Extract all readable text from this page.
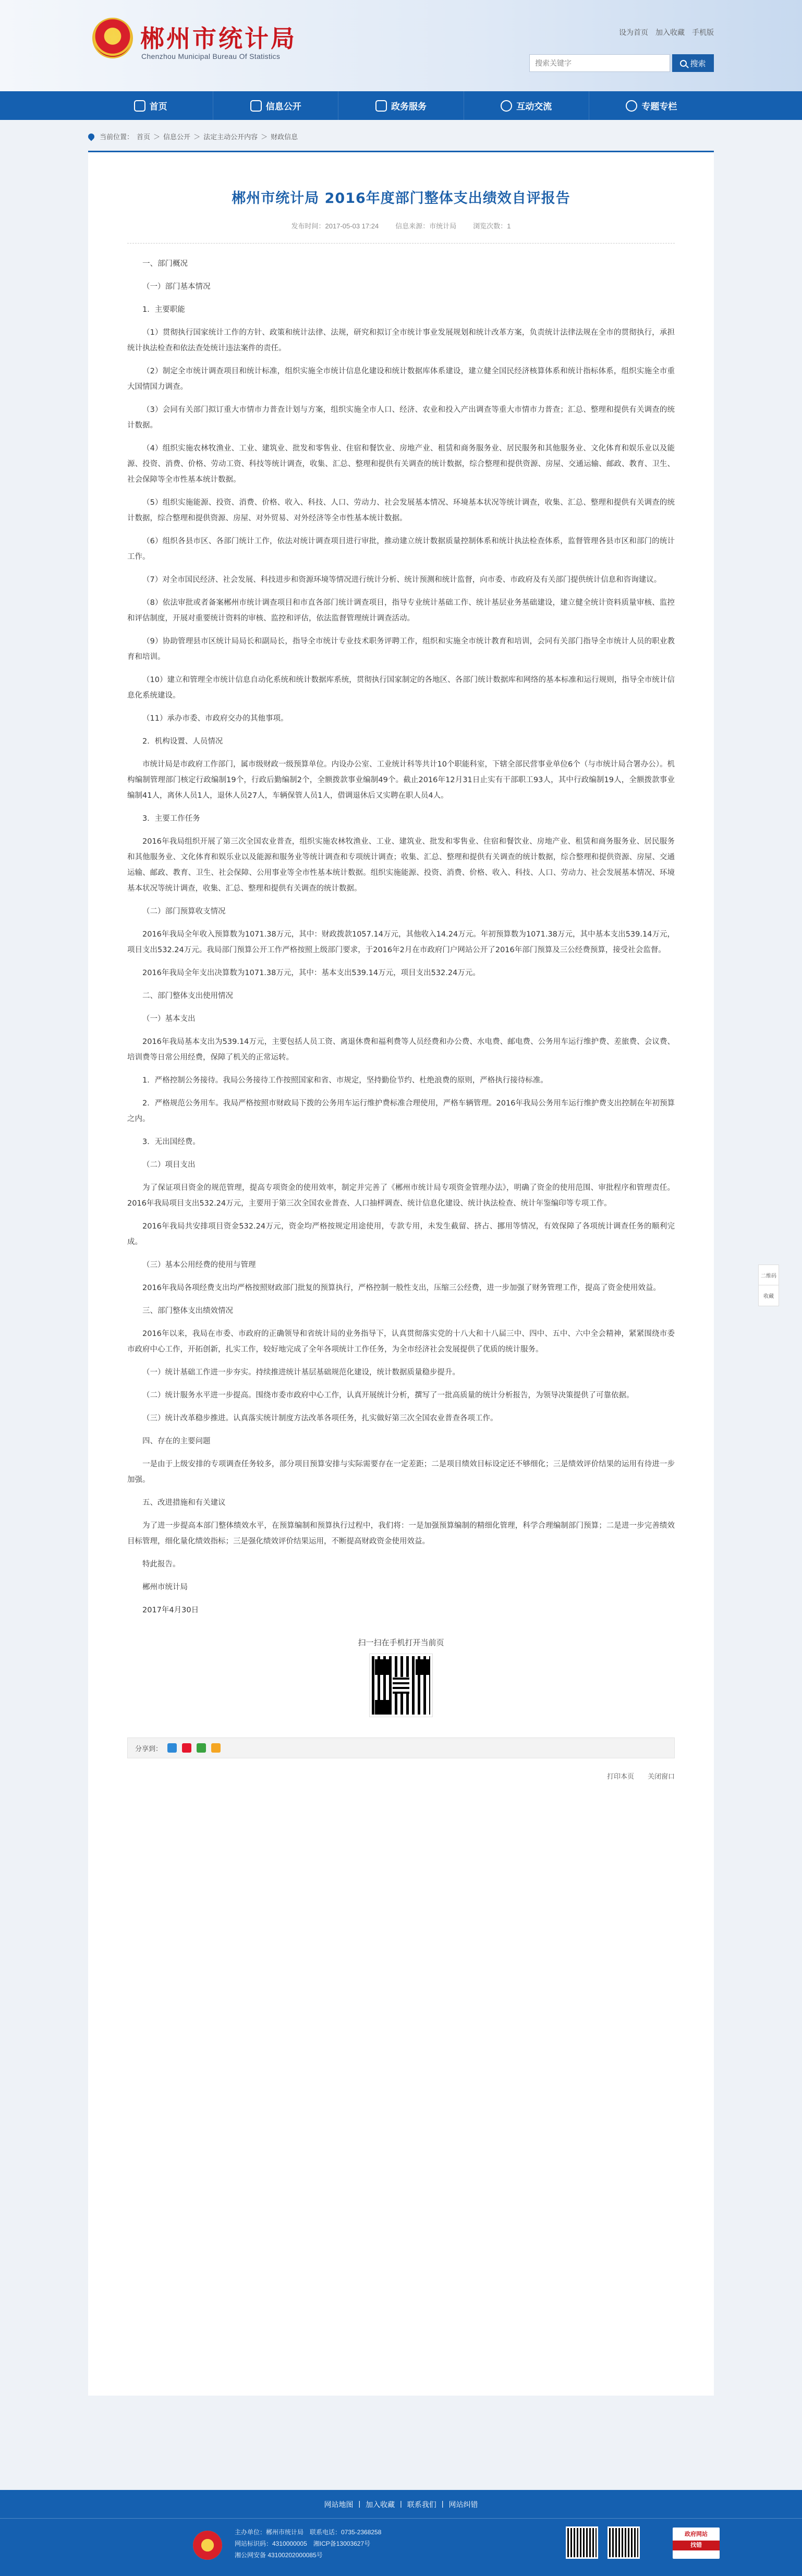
郴州市统计局
Chenzhou Municipal Bureau Of Statistics
设为首页 加入收藏 手机版
搜索关键字
搜索
首页	信息公开	政务服务	互动交流	专题专栏
当前位置： 首页 ＞ 信息公开 ＞ 法定主动公开内容 ＞ 财政信息
郴州市统计局 2016年度部门整体支出绩效自评报告
发布时间：2017-05-03 17:24 信息来源：市统计局 浏览次数：1

一、部门概况

（一）部门基本情况

1．主要职能

（1）贯彻执行国家统计工作的方针、政策和统计法律、法规，研究和拟订全市统计事业发展规划和统计改革方案，负责统计法律法规在全市的贯彻执行，承担统计执法检查和依法查处统计违法案件的责任。

（2）制定全市统计调查项目和统计标准，组织实施全市统计信息化建设和统计数据库体系建设，建立健全国民经济核算体系和统计指标体系，组织实施全市重大国情国力调查。

（3）会同有关部门拟订重大市情市力普查计划与方案，组织实施全市人口、经济、农业和投入产出调查等重大市情市力普查；汇总、整理和提供有关调查的统计数据。

（4）组织实施农林牧渔业、工业、建筑业、批发和零售业、住宿和餐饮业、房地产业、租赁和商务服务业、居民服务和其他服务业、文化体育和娱乐业以及能源、投资、消费、价格、劳动工资、科技等统计调查，收集、汇总、整理和提供有关调查的统计数据，综合整理和提供资源、房屋、交通运输、邮政、教育、卫生、社会保障等全市性基本统计数据。

（5）组织实施能源、投资、消费、价格、收入、科技、人口、劳动力、社会发展基本情况、环境基本状况等统计调查，收集、汇总、整理和提供有关调查的统计数据，综合整理和提供资源、房屋、对外贸易、对外经济等全市性基本统计数据。

（6）组织各县市区、各部门统计工作，依法对统计调查项目进行审批，推动建立统计数据质量控制体系和统计执法检查体系，监督管理各县市区和部门的统计工作。

（7）对全市国民经济、社会发展、科技进步和资源环境等情况进行统计分析、统计预测和统计监督，向市委、市政府及有关部门提供统计信息和咨询建议。

（8）依法审批或者备案郴州市统计调查项目和市直各部门统计调查项目，指导专业统计基础工作、统计基层业务基础建设，建立健全统计资料质量审核、监控和评估制度，开展对重要统计资料的审核、监控和评估，依法监督管理统计调查活动。

（9）协助管理县市区统计局局长和副局长，指导全市统计专业技术职务评聘工作，组织和实施全市统计教育和培训，会同有关部门指导全市统计人员的职业教育和培训。

（10）建立和管理全市统计信息自动化系统和统计数据库系统，贯彻执行国家制定的各地区、各部门统计数据库和网络的基本标准和运行规则，指导全市统计信息化系统建设。

（11）承办市委、市政府交办的其他事项。

2．机构设置、人员情况

市统计局是市政府工作部门，属市级财政一级预算单位。内设办公室、工业统计科等共计10个职能科室，下辖全部民营事业单位6个（与市统计局合署办公）。机构编制管理部门核定行政编制19个，行政后勤编制2个，全额拨款事业编制49个。截止2016年12月31日止实有干部职工93人，其中行政编制19人，全额拨款事业编制41人，离休人员1人，退休人员27人，车辆保管人员1人，借调退休后又实聘在职人员4人。

3．主要工作任务

2016年我局组织开展了第三次全国农业普查，组织实施农林牧渔业、工业、建筑业、批发和零售业、住宿和餐饮业、房地产业、租赁和商务服务业、居民服务和其他服务业、文化体育和娱乐业以及能源和服务业等统计调查和专项统计调查；收集、汇总、整理和提供有关调查的统计数据，综合整理和提供资源、房屋、交通运输、邮政、教育、卫生、社会保障、公用事业等全市性基本统计数据。组织实施能源、投资、消费、价格、收入、科技、人口、劳动力、社会发展基本情况、环境基本状况等统计调查，收集、汇总、整理和提供有关调查的统计数据。

（二）部门预算收支情况

2016年我局全年收入预算数为1071.38万元，其中：财政拨款1057.14万元，其他收入14.24万元。年初预算数为1071.38万元，其中基本支出539.14万元，项目支出532.24万元。我局部门预算公开工作严格按照上级部门要求，于2016年2月在市政府门户网站公开了2016年部门预算及三公经费预算，接受社会监督。

2016年我局全年支出决算数为1071.38万元，其中：基本支出539.14万元，项目支出532.24万元。

二、部门整体支出使用情况

（一）基本支出

2016年我局基本支出为539.14万元，主要包括人员工资、离退休费和福利费等人员经费和办公费、水电费、邮电费、公务用车运行维护费、差旅费、会议费、培训费等日常公用经费，保障了机关的正常运转。

1．严格控制公务接待。我局公务接待工作按照国家和省、市规定，坚持勤俭节约、杜绝浪费的原则，严格执行接待标准。

2．严格规范公务用车。我局严格按照市财政局下拨的公务用车运行维护费标准合理使用，严格车辆管理。2016年我局公务用车运行维护费支出控制在年初预算之内。

3．无出国经费。

（二）项目支出

为了保证项目资金的规范管理，提高专项资金的使用效率，制定并完善了《郴州市统计局专项资金管理办法》，明确了资金的使用范围、审批程序和管理责任。2016年我局项目支出532.24万元，主要用于第三次全国农业普查、人口抽样调查、统计信息化建设、统计执法检查、统计年鉴编印等专项工作。

2016年我局共安排项目资金532.24万元，资金均严格按规定用途使用，专款专用，未发生截留、挤占、挪用等情况，有效保障了各项统计调查任务的顺利完成。

（三）基本公用经费的使用与管理

2016年我局各项经费支出均严格按照财政部门批复的预算执行，严格控制一般性支出，压缩三公经费，进一步加强了财务管理工作，提高了资金使用效益。

三、部门整体支出绩效情况

2016年以来，我局在市委、市政府的正确领导和省统计局的业务指导下，认真贯彻落实党的十八大和十八届三中、四中、五中、六中全会精神，紧紧围绕市委市政府中心工作，开拓创新，扎实工作，较好地完成了全年各项统计工作任务，为全市经济社会发展提供了优质的统计服务。

（一）统计基础工作进一步夯实。持续推进统计基层基础规范化建设，统计数据质量稳步提升。

（二）统计服务水平进一步提高。围绕市委市政府中心工作，认真开展统计分析，撰写了一批高质量的统计分析报告，为领导决策提供了可靠依据。

（三）统计改革稳步推进。认真落实统计制度方法改革各项任务，扎实做好第三次全国农业普查各项工作。

四、存在的主要问题

一是由于上级安排的专项调查任务较多，部分项目预算安排与实际需要存在一定差距；二是项目绩效目标设定还不够细化；三是绩效评价结果的运用有待进一步加强。

五、改进措施和有关建议

为了进一步提高本部门整体绩效水平，在预算编制和预算执行过程中，我们将：一是加强预算编制的精细化管理，科学合理编制部门预算；二是进一步完善绩效目标管理，细化量化绩效指标；三是强化绩效评价结果运用，不断提高财政资金使用效益。

特此报告。

郴州市统计局

2017年4月30日

扫一扫在手机打开当前页
分享到：
打印本页 关闭窗口
网站地图 | 加入收藏 | 联系我们 | 网站纠错
主办单位：郴州市统计局　联系电话：0735-2368258
网站标识码：4310000005　湘ICP备13003627号
湘公网安备 43100202000085号
政府网站
找错
二维码
收藏
